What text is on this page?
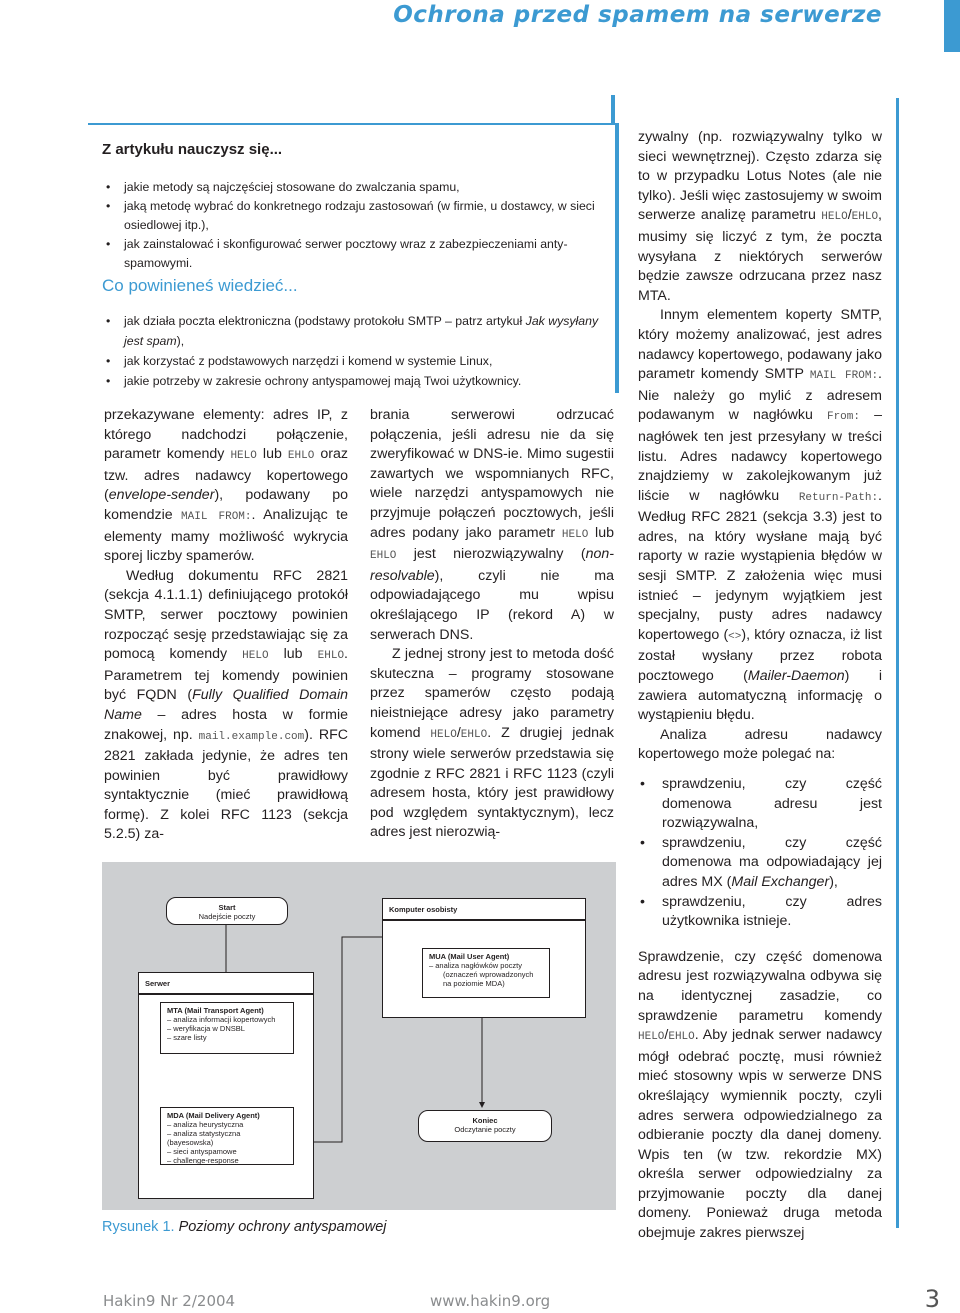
Ochrona przed spamem na serwerze
Z artykułu nauczysz się...
• jakie metody są najczęściej stosowane do zwalczania spamu,
• jaką metodę wybrać do konkretnego rodzaju zastosowań (w firmie, u dostawcy, w sieci osiedlowej itp.),
• jak zainstalować i skonfigurować serwer pocztowy wraz z zabezpieczeniami anty-spamowymi.
Co powinieneś wiedzieć...
• jak działa poczta elektroniczna (podstawy protokołu SMTP – patrz artykuł Jak wysyłany jest spam),
• jak korzystać z podstawowych narzędzi i komend w systemie Linux,
• jakie potrzeby w zakresie ochrony antyspamowej mają Twoi użytkownicy.

przekazywane elementy: adres IP, z którego nadchodzi połączenie, parametr komendy HELO lub EHLO oraz tzw. adres nadawcy kopertowego (envelope-sender), podawany po komendzie MAIL FROM:. Analizując te elementy mamy możliwość wykrycia sporej liczby spamerów.

Według dokumentu RFC 2821 (sekcja 4.1.1.1) definiującego protokół SMTP, serwer pocztowy powinien rozpocząć sesję przedstawiając się za pomocą komendy HELO lub EHLO. Parametrem tej komendy powinien być FQDN (Fully Qualified Domain Name – adres hosta w formie znakowej, np. mail.example.com). RFC 2821 zakłada jedynie, że adres ten powinien być prawidłowy syntaktycznie (mieć prawidłową formę). Z kolei RFC 1123 (sekcja 5.2.5) za-

brania serwerowi odrzucać połączenia, jeśli adresu nie da się zweryfikować w DNS-ie. Mimo sugestii zawartych we wspomnianych RFC, wiele narzędzi antyspamowych nie przyjmuje połączeń pocztowych, jeśli adres podany jako parametr HELO lub EHLO jest nierozwiązywalny (non-resolvable), czyli nie ma odpowiadającego mu wpisu określającego IP (rekord A) w serwerach DNS.

Z jednej strony jest to metoda dość skuteczna – programy stosowane przez spamerów często podają nieistniejące adresy jako parametry komend HELO/EHLO. Z drugiej jednak strony wiele serwerów przedstawia się zgodnie z RFC 2821 i RFC 1123 (czyli adresem hosta, który jest prawidłowy pod względem syntaktycznym), lecz adres jest nierozwią-

zywalny (np. rozwiązywalny tylko w sieci wewnętrznej). Często zdarza się to w przypadku Lotus Notes (ale nie tylko). Jeśli więc zastosujemy w swoim serwerze analizę parametru HELO/EHLO, musimy się liczyć z tym, że poczta wysyłana z niektórych serwerów będzie zawsze odrzucana przez nasz MTA.

Innym elementem koperty SMTP, który możemy analizować, jest adres nadawcy kopertowego, podawany jako parametr komendy SMTP MAIL FROM:. Nie należy go mylić z adresem podawanym w nagłówku From: – nagłówek ten jest przesyłany w treści listu. Adres nadawcy kopertowego znajdziemy w zakolejkowanym już liście w nagłówku Return-Path:. Według RFC 2821 (sekcja 3.3) jest to adres, na który wysłane mają być raporty w razie wystąpienia błędów w sesji SMTP. Z założenia więc musi istnieć – jedynym wyjątkiem jest specjalny, pusty adres nadawcy kopertowego (<>), który oznacza, iż list został wysłany przez robota pocztowego (Mailer-Daemon) i zawiera automatyczną informację o wystąpieniu błędu.

Analiza adresu nadawcy kopertowego może polegać na:

• sprawdzeniu, czy część domenowa adresu jest rozwiązywalna,
• sprawdzeniu, czy część domenowa ma odpowiadający jej adres MX (Mail Exchanger),
• sprawdzeniu, czy adres użytkownika istnieje.

Sprawdzenie, czy część domenowa adresu jest rozwiązywalna odbywa się na identycznej zasadzie, co sprawdzenie parametru komendy HELO/EHLO. Aby jednak serwer nadawcy mógł odebrać pocztę, musi również mieć stosowny wpis w serwerze DNS określający wymiennik poczty, czyli adres serwera odpowiedzialnego za odbieranie poczty dla danej domeny. Wpis ten (w tzw. rekordzie MX) określa serwer odpowiedzialny za przyjmowanie poczty dla danej domeny. Ponieważ druga metoda obejmuje zakres pierwszej

Start
Nadejście poczty
Komputer osobisty
MUA (Mail User Agent)
– analiza nagłówków poczty
(oznaczeń wprowadzonych
na poziomie MDA)
Serwer
MTA (Mail Transport Agent)
– analiza informacji kopertowych
– weryfikacja w DNSBL
– szare listy
MDA (Mail Delivery Agent)
– analiza heurystyczna
– analiza statystyczna (bayesowska)
– sieci antyspamowe
– challenge-response
Koniec
Odczytanie poczty
Rysunek 1. Poziomy ochrony antyspamowej
Hakin9 Nr 2/2004	www.hakin9.org	3
